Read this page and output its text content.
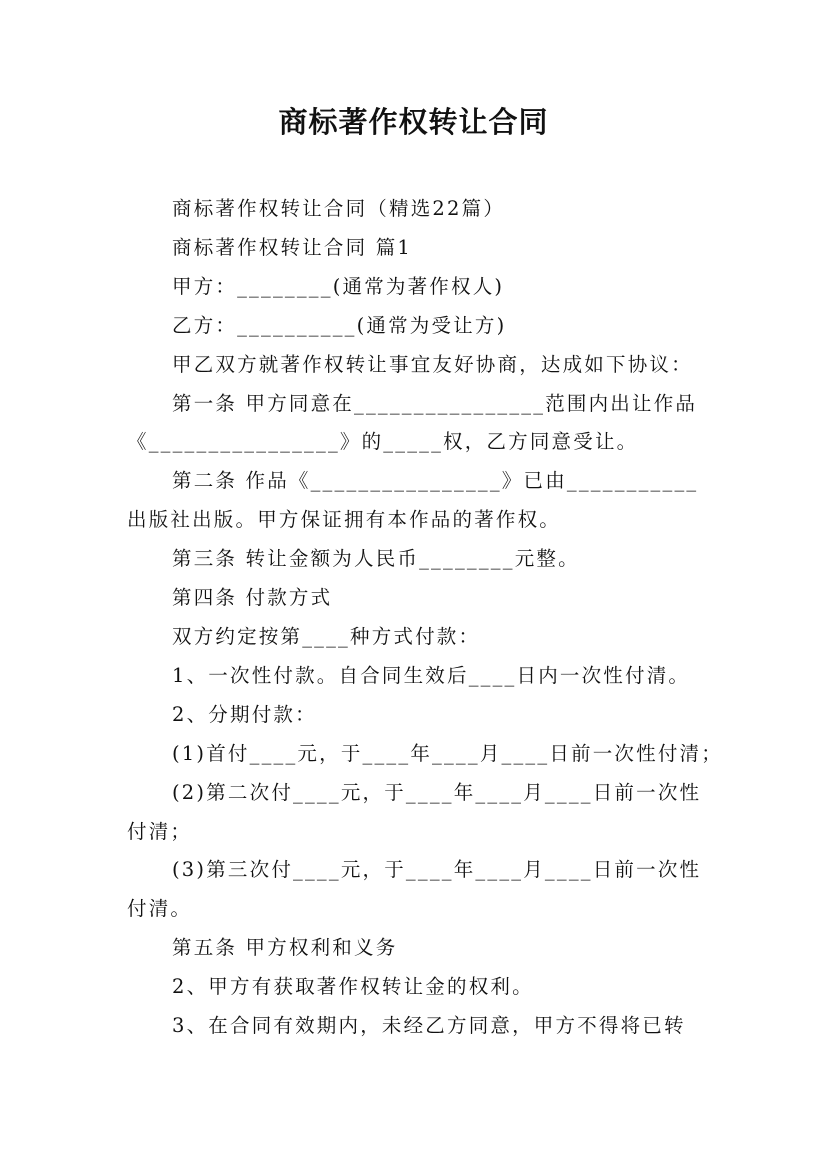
商标著作权转让合同

商标著作权转让合同（精选22篇）

商标著作权转让合同 篇1

甲方：________(通常为著作权人)

乙方：__________(通常为受让方)

甲乙双方就著作权转让事宜友好协商，达成如下协议：

第一条 甲方同意在________________范围内出让作品

《________________》的_____权，乙方同意受让。

第二条 作品《________________》已由___________

出版社出版。甲方保证拥有本作品的著作权。

第三条 转让金额为人民币________元整。

第四条 付款方式

双方约定按第____种方式付款：

1、一次性付款。自合同生效后____日内一次性付清。

2、分期付款：

(1)首付____元，于____年____月____日前一次性付清；

(2)第二次付____元，于____年____月____日前一次性

付清；

(3)第三次付____元，于____年____月____日前一次性

付清。

第五条 甲方权利和义务

2、甲方有获取著作权转让金的权利。

3、在合同有效期内，未经乙方同意，甲方不得将已转
